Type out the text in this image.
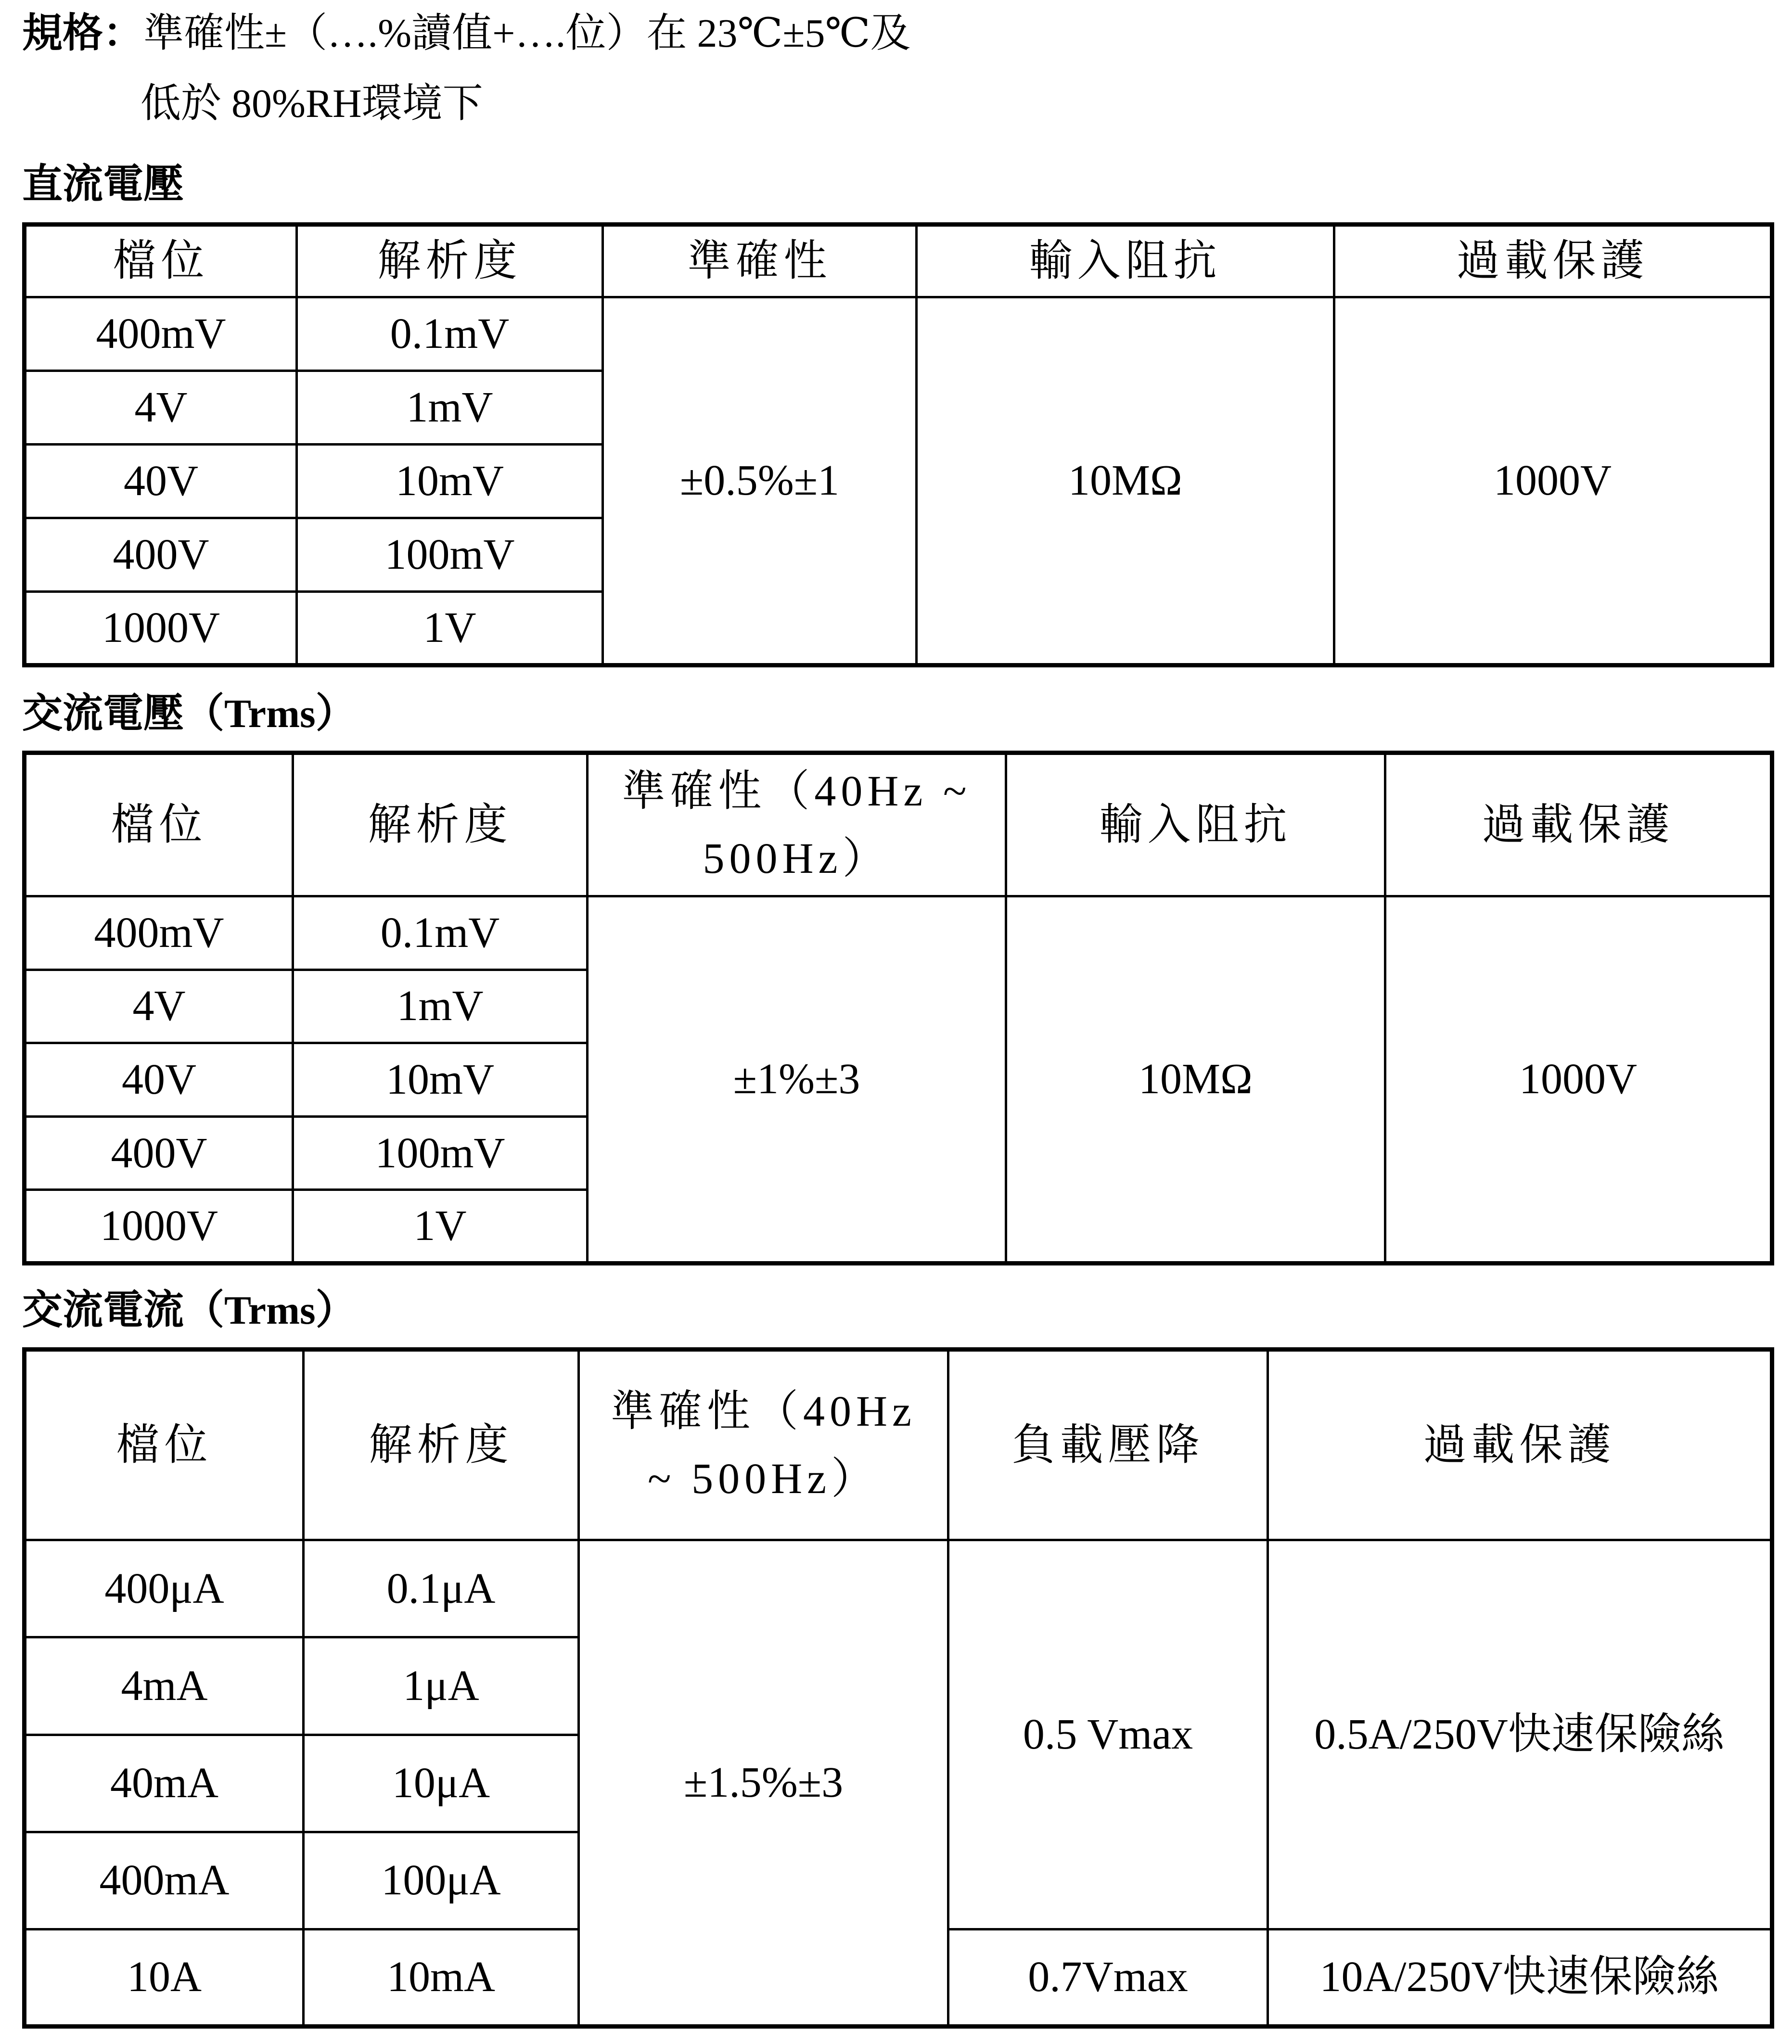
規格：準確性±（….%讀值+….位）在 23℃±5℃及
低於 80%RH環境下
直流電壓
檔位	解析度	準確性	輸入阻抗	過載保護
400mV	0.1mV	±0.5%±1	10MΩ	1000V
4V	1mV			
40V	10mV			
400V	100mV			
1000V	1V			
交流電壓（Trms）
檔位	解析度	準確性（40Hz ~ 500Hz）	輸入阻抗	過載保護
400mV	0.1mV	±1%±3	10MΩ	1000V
4V	1mV			
40V	10mV			
400V	100mV			
1000V	1V			
交流電流（Trms）
檔位	解析度	準確性（40Hz ~ 500Hz）	負載壓降	過載保護
400μA	0.1μA	±1.5%±3	0.5 Vmax	0.5A/250V快速保險絲
4mA	1μA			
40mA	10μA			
400mA	100μA			
10A	10mA		0.7Vmax	10A/250V快速保險絲
